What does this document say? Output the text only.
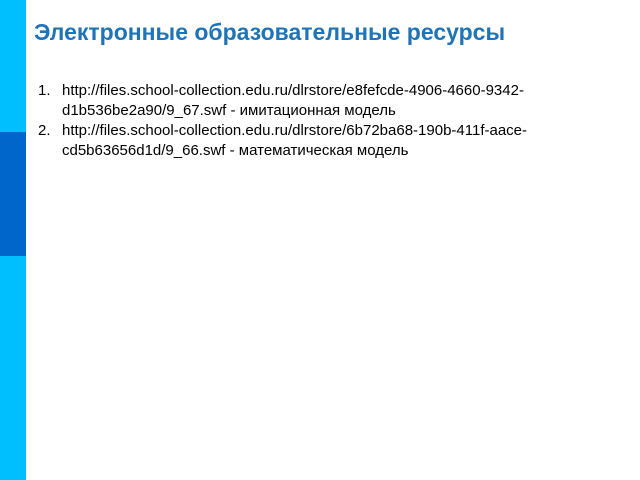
Электронные образовательные ресурсы
1. http://files.school-collection.edu.ru/dlrstore/e8fefcde-4906-4660-9342-
d1b536be2a90/9_67.swf - имитационная модель
2. http://files.school-collection.edu.ru/dlrstore/6b72ba68-190b-411f-aace-
cd5b63656d1d/9_66.swf - математическая модель
